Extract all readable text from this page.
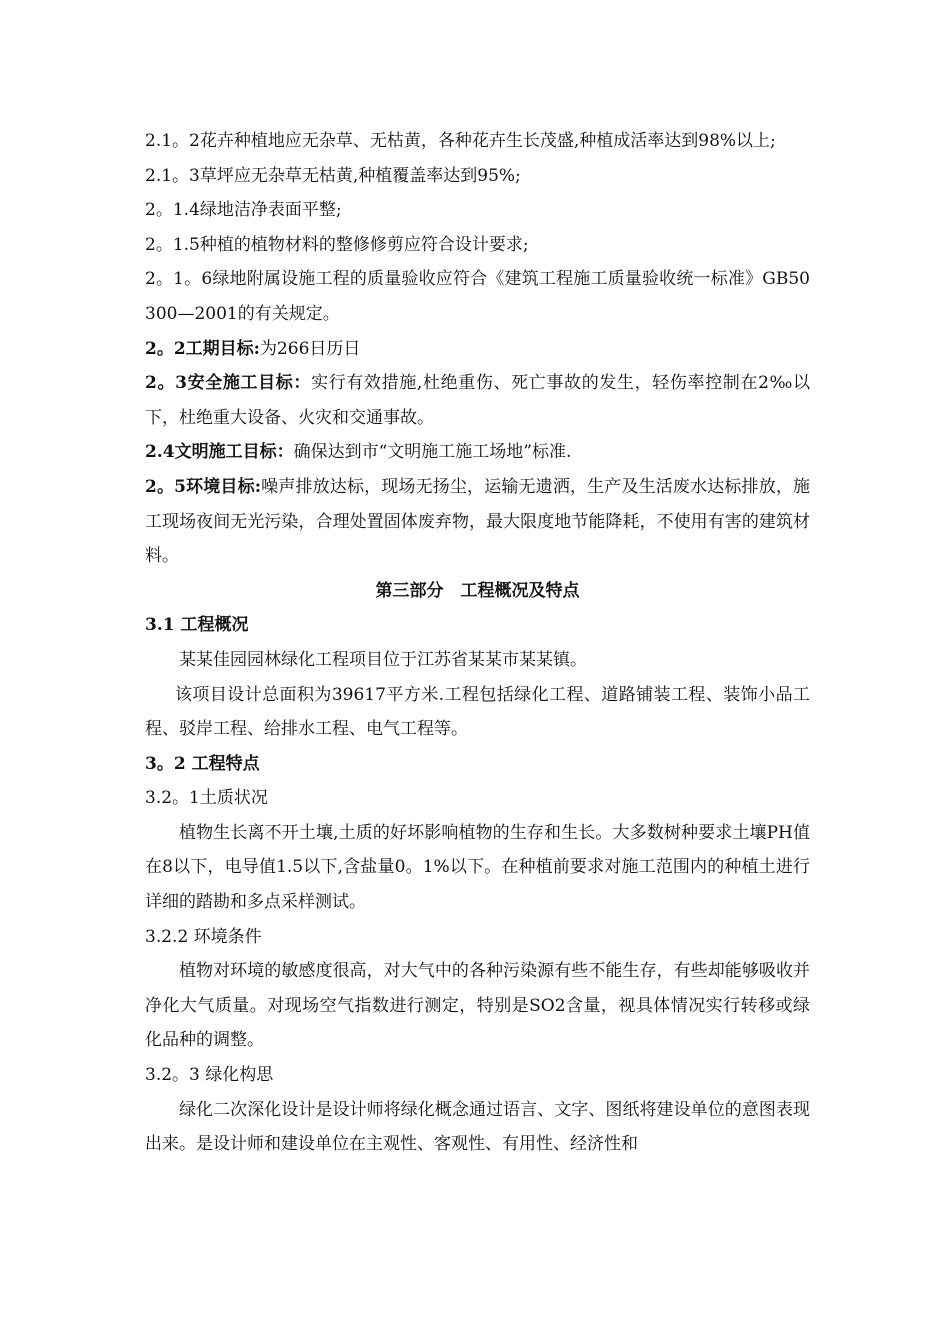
2.1。2花卉种植地应无杂草、无枯黄，各种花卉生长茂盛,种植成活率达到98%以上;

2.1。3草坪应无杂草无枯黄,种植覆盖率达到95%;

2。1.4绿地洁净表面平整;

2。1.5种植的植物材料的整修修剪应符合设计要求;

2。1。6绿地附属设施工程的质量验收应符合《建筑工程施工质量验收统一标准》GB50300—2001的有关规定。

2。2工期目标:为266日历日

2。3安全施工目标：实行有效措施,杜绝重伤、死亡事故的发生，轻伤率控制在2‰以下，杜绝重大设备、火灾和交通事故。

2.4文明施工目标：确保达到市“文明施工施工场地”标准.

2。5环境目标:噪声排放达标，现场无扬尘，运输无遗洒，生产及生活废水达标排放，施工现场夜间无光污染，合理处置固体废弃物，最大限度地节能降耗，不使用有害的建筑材料。

第三部分　工程概况及特点

3.1 工程概况

某某佳园园林绿化工程项目位于江苏省某某市某某镇。

该项目设计总面积为39617平方米.工程包括绿化工程、道路铺装工程、装饰小品工程、驳岸工程、给排水工程、电气工程等。

3。2 工程特点

3.2。1土质状况

植物生长离不开土壤,土质的好坏影响植物的生存和生长。大多数树种要求土壤PH值在8以下，电导值1.5以下,含盐量0。1%以下。在种植前要求对施工范围内的种植土进行详细的踏勘和多点采样测试。

3.2.2 环境条件

植物对环境的敏感度很高，对大气中的各种污染源有些不能生存，有些却能够吸收并净化大气质量。对现场空气指数进行测定，特别是SO2含量，视具体情况实行转移或绿化品种的调整。

3.2。3 绿化构思

绿化二次深化设计是设计师将绿化概念通过语言、文字、图纸将建设单位的意图表现出来。是设计师和建设单位在主观性、客观性、有用性、经济性和
